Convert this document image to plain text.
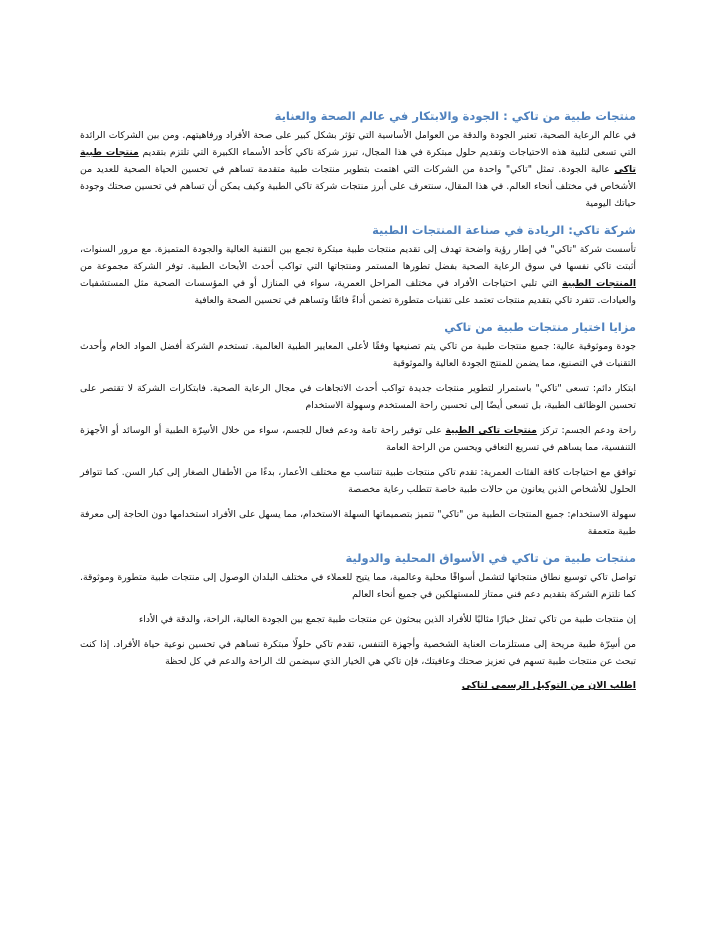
منتجات طبية من تاكي : الجودة والابتكار في عالم الصحة والعناية

في عالم الرعاية الصحية، تعتبر الجودة والدقة من العوامل الأساسية التي تؤثر بشكل كبير على صحة الأفراد ورفاهيتهم. ومن بين الشركات الرائدة التي تسعى لتلبية هذه الاحتياجات وتقديم حلول مبتكرة في هذا المجال، تبرز شركة تاكي كأحد الأسماء الكبيرة التي تلتزم بتقديم منتجات طبية تاكي عالية الجودة. تمثل "تاكي" واحدة من الشركات التي اهتمت بتطوير منتجات طبية متقدمة تساهم في تحسين الحياة الصحية للعديد من الأشخاص في مختلف أنحاء العالم. في هذا المقال، سنتعرف على أبرز منتجات شركة تاكي الطبية وكيف يمكن أن تساهم في تحسين صحتك وجودة حياتك اليومية

شركة تاكي: الريادة في صناعة المنتجات الطبية

تأسست شركة "تاكي" في إطار رؤية واضحة تهدف إلى تقديم منتجات طبية مبتكرة تجمع بين التقنية العالية والجودة المتميزة. مع مرور السنوات، أثبتت تاكي نفسها في سوق الرعاية الصحية بفضل تطورها المستمر ومنتجاتها التي تواكب أحدث الأبحاث الطبية. توفر الشركة مجموعة من المنتجات الطبية التي تلبي احتياجات الأفراد في مختلف المراحل العمرية، سواء في المنازل أو في المؤسسات الصحية مثل المستشفيات والعيادات. تتفرد تاكي بتقديم منتجات تعتمد على تقنيات متطورة تضمن أداءً فائقًا وتساهم في تحسين الصحة والعافية

مزايا اختيار منتجات طبية من تاكي

جودة وموثوقية عالية: جميع منتجات طبية من تاكي يتم تصنيعها وفقًا لأعلى المعايير الطبية العالمية. تستخدم الشركة أفضل المواد الخام وأحدث التقنيات في التصنيع، مما يضمن للمنتج الجودة العالية والموثوقية

ابتكار دائم: تسعى "تاكي" باستمرار لتطوير منتجات جديدة تواكب أحدث الاتجاهات في مجال الرعاية الصحية. فابتكارات الشركة لا تقتصر على تحسين الوظائف الطبية، بل تسعى أيضًا إلى تحسين راحة المستخدم وسهولة الاستخدام

راحة ودعم الجسم: تركز منتجات تاكي الطبية على توفير راحة تامة ودعم فعال للجسم، سواء من خلال الأسِرّة الطبية أو الوسائد أو الأجهزة التنفسية، مما يساهم في تسريع التعافي ويحسن من الراحة العامة

توافق مع احتياجات كافة الفئات العمرية: تقدم تاكي منتجات طبية تتناسب مع مختلف الأعمار، بدءًا من الأطفال الصغار إلى كبار السن. كما تتوافر الحلول للأشخاص الذين يعانون من حالات طبية خاصة تتطلب رعاية مخصصة

سهولة الاستخدام: جميع المنتجات الطبية من "تاكي" تتميز بتصميماتها السهلة الاستخدام، مما يسهل على الأفراد استخدامها دون الحاجة إلى معرفة طبية متعمقة

منتجات طبية من تاكي في الأسواق المحلية والدولية

تواصل تاكي توسيع نطاق منتجاتها لتشمل أسواقًا محلية وعالمية، مما يتيح للعملاء في مختلف البلدان الوصول إلى منتجات طبية متطورة وموثوقة. كما تلتزم الشركة بتقديم دعم فني ممتاز للمستهلكين في جميع أنحاء العالم

إن منتجات طبية من تاكي تمثل خيارًا مثاليًا للأفراد الذين يبحثون عن منتجات طبية تجمع بين الجودة العالية، الراحة، والدقة في الأداء

من أسِرّة طبية مريحة إلى مستلزمات العناية الشخصية وأجهزة التنفس، تقدم تاكي حلولًا مبتكرة تساهم في تحسين نوعية حياة الأفراد. إذا كنت تبحث عن منتجات طبية تسهم في تعزيز صحتك وعافيتك، فإن تاكي هي الخيار الذي سيضمن لك الراحة والدعم في كل لحظة

اطلب الان من التوكيل الرسمى لتاكى
